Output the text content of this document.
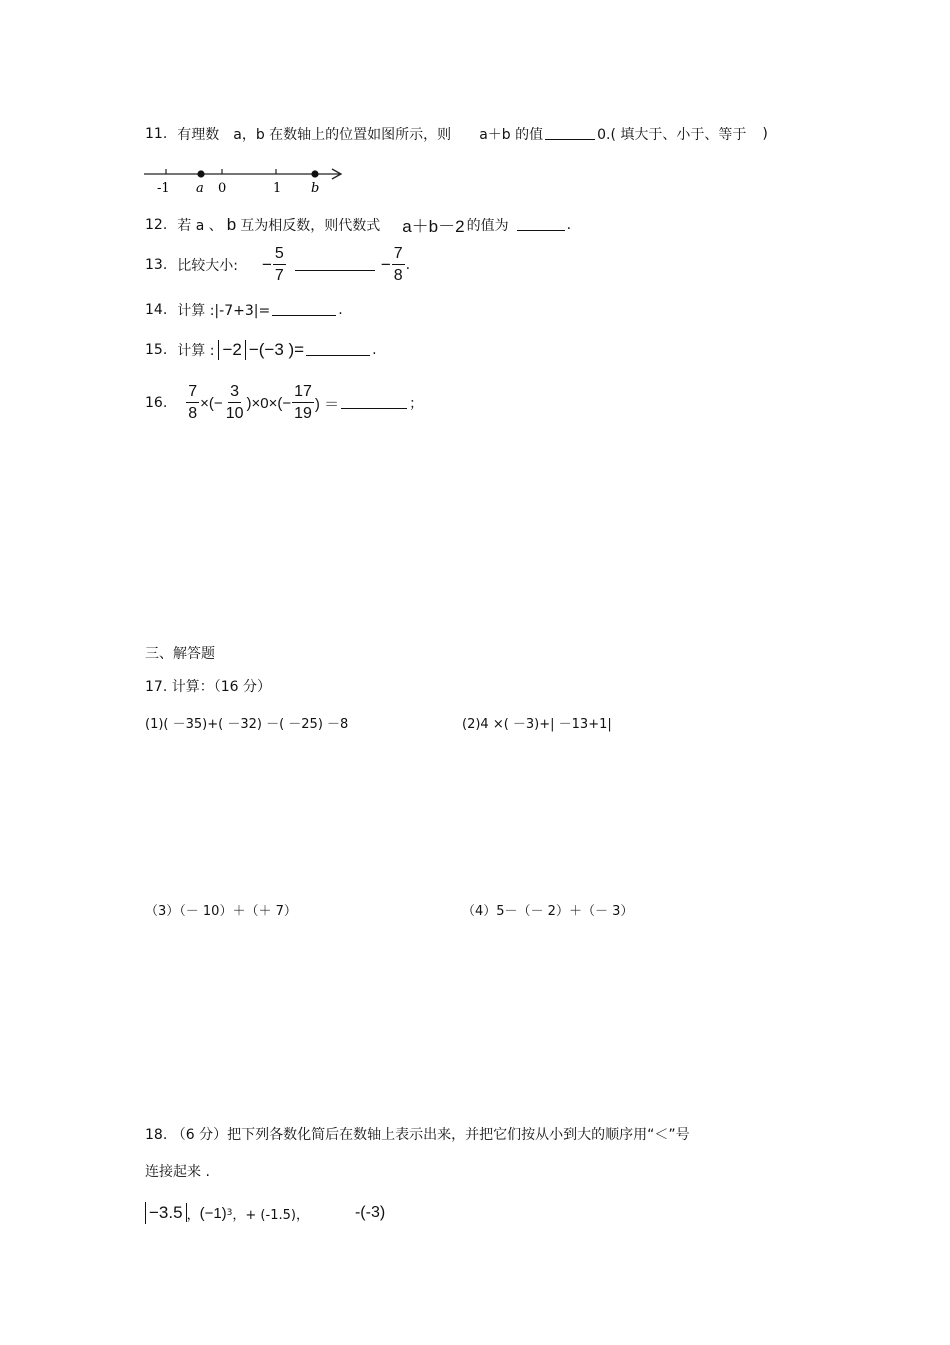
11. 有理数 a，b 在数轴上的位置如图所示，则 a＋b 的值	0.( 填大于、小于、等于 )
-1 a 0	1 b
12. 若 a 、 b 互为相反数，则代数式 a＋b－2 的值为	.
13. 比较大小: − $\frac{5}{7}$	− $\frac{7}{8}$ .
14. 计算 :|-7+3|=	.
15. 计算 : −2 −(−3 )=	.
16. $\frac{7}{8}$ ×(− $\frac{3}{10} )\times 0\times(- \frac{17}{19}$ ) ＝	；
三、解答题
17. 计算：（16 分）
(1)( －35)+( －32) －( －25) －8	(2)4 ×( －3)+| －13+1|
（3）（－ 10）＋（＋ 7）	（4）5－（－ 2）＋（－ 3）
18. （6 分）把下列各数化简后在数轴上表示出来，并把它们按从小到大的顺序用“＜”号
连接起来 .
−3.5 ， (−1) 3 ，+ (-1.5)，	-(-3)
